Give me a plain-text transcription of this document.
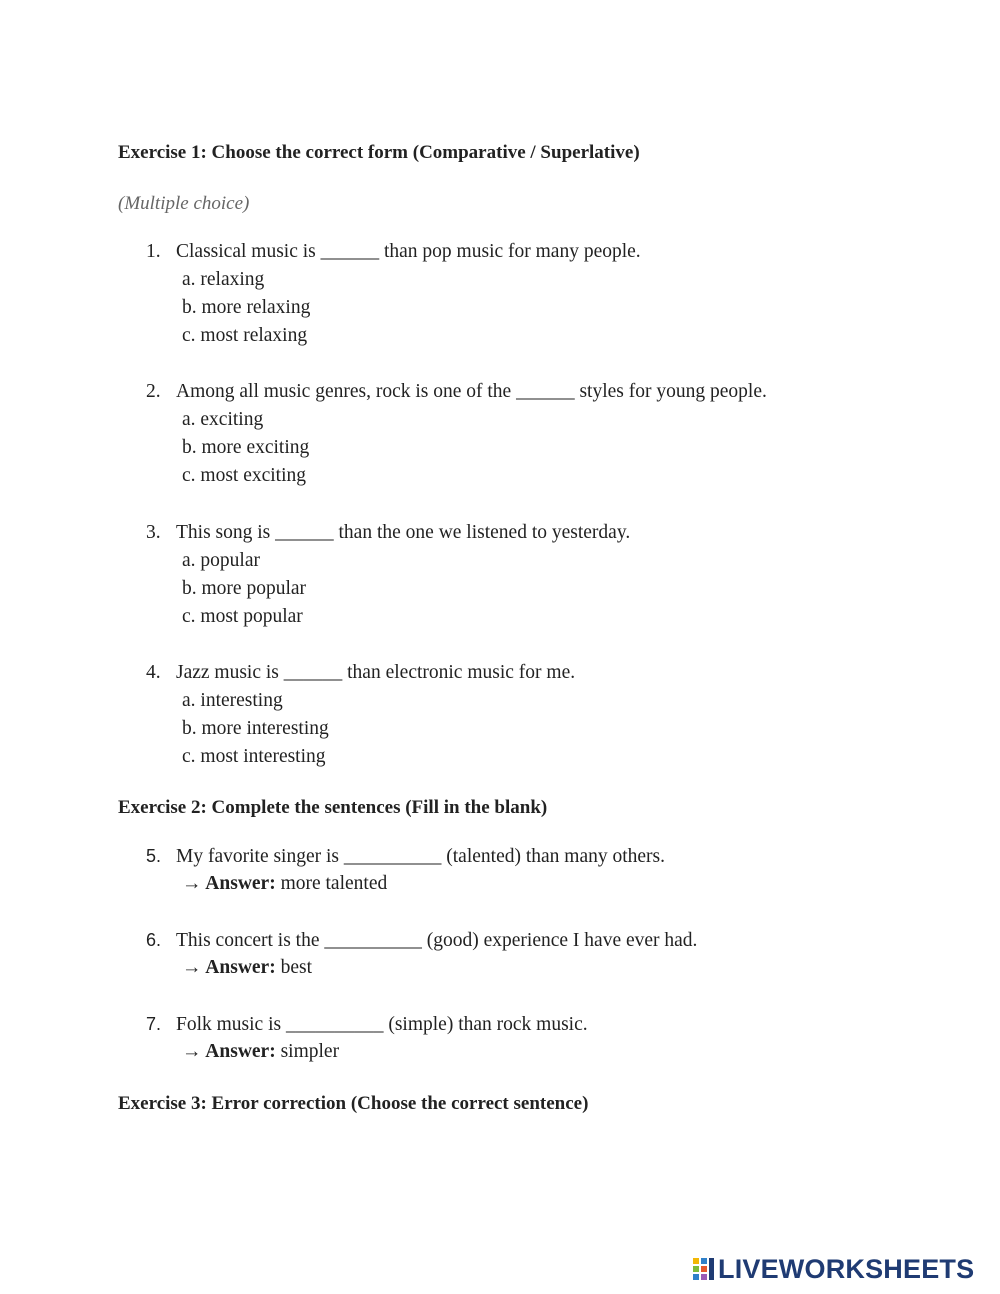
Exercise 1: Choose the correct form (Comparative / Superlative)
(Multiple choice)
1. Classical music is ______ than pop music for many people.
a. relaxing
b. more relaxing
c. most relaxing
2. Among all music genres, rock is one of the ______ styles for young people.
a. exciting
b. more exciting
c. most exciting
3. This song is ______ than the one we listened to yesterday.
a. popular
b. more popular
c. most popular
4. Jazz music is ______ than electronic music for me.
a. interesting
b. more interesting
c. most interesting
Exercise 2: Complete the sentences (Fill in the blank)
5. My favorite singer is __________ (talented) than many others.
→ Answer: more talented
6. This concert is the __________ (good) experience I have ever had.
→ Answer: best
7. Folk music is __________ (simple) than rock music.
→ Answer: simpler
Exercise 3: Error correction (Choose the correct sentence)
LIVEWORKSHEETS
